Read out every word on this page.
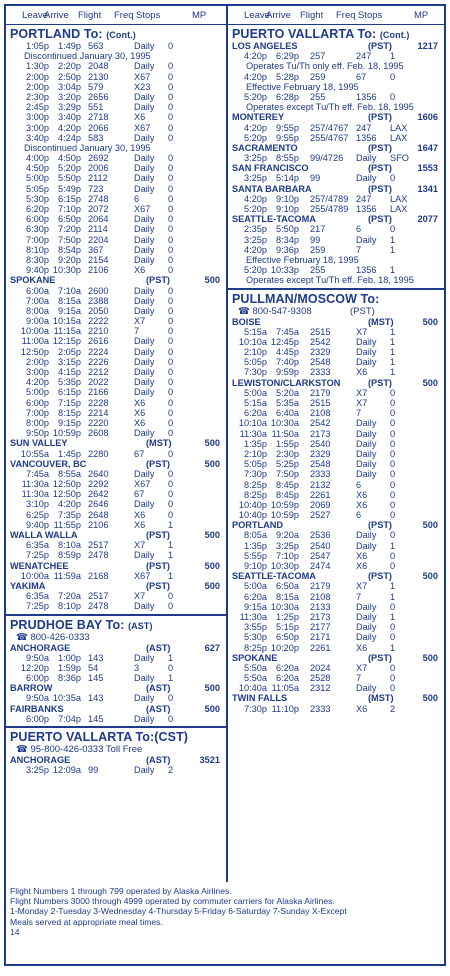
Leave
Arrive Flight Freq Stops	MP
PORTLAND To: (Cont.)
1:05p 1:49p 563	Daily 0
Discontinued January 30, 1995
1:30p 2:20p 2048	Daily 0
2:00p 2:50p 2130	X67 0
2:00p 3:04p 579	X23 0
2:30p 3:20p 2656	Daily 0
2:45p 3:29p 551	Daily 0
3:00p 3:40p 2718	X6 0
3:00p 4:20p 2066	X67 0
3:40p 4:24p 583	Daily 0
Discontinued January 30, 1995
4:00p 4:50p 2692	Daily 0
4:50p 5:20p 2006	Daily 0
5:00p 5:50p 2112	Daily 0
5:05p 5:49p 723	Daily 0
5:30p 6:15p 2748	6	0
6:20p 7:10p 2072	X67 0
6:00p 6:50p 2064	Daily 0
6:30p 7:20p 2114	Daily 0
7:00p 7:50p 2204	Daily 0
8:10p 8:54p 367	Daily 0
8:30p 9:20p 2154	Daily 0
9:40p 10:30p 2106	X6 0
SPOKANE	(PST)	500
6:00a 7:10a 2600	Daily 0
7:00a 8:15a 2388	Daily 0
8:00a 9:15a 2050	Daily 0
9:00a 10:15a 2222	X7 0
10:00a 11:15a 2210	7	0
11:00a 12:15p 2616	Daily 0
12:50p 2:05p 2224	Daily 0
2:00p 3:15p 2226	Daily 0
3:00p 4:15p 2212	Daily 0
4:20p 5:35p 2022	Daily 0
5:00p 6:15p 2166	Daily 0
6:00p 7:15p 2228	X6 0
7:00p 8:15p 2214	X6 0
8:00p 9:15p 2220	X6 0
9:50p 10:59p 2608	Daily 0
SUN VALLEY	(MST)	500
10:55a 1:45p 2280	67	0
VANCOUVER, BC	(PST)	500
7:45a 8:55a 2640	Daily 0
11:30a 12:50p 2292	X67 0
11:30a 12:50p 2642	67	0
3:10p 4:20p 2646	Daily 0
6:25p 7:35p 2648	X6 0
9:40p 11:55p 2106	X6 1
WALLA WALLA	(PST)	500
6:35a 8:10a 2517	X7 1
7:25p 8:59p 2478	Daily 1
WENATCHEE	(PST)	500
10:00a 11:59a 2168	X67 1
YAKIMA	(PST)	500
6:35a 7:20a 2517	X7 0
7:25p 8:10p 2478	Daily 0
PRUDHOE BAY To: (AST)
☎ 800-426-0333
ANCHORAGE	(AST)	627
9:50a 1:00p 143	Daily 1
12:20p 1:59p 54	3	0
6:00p 8:36p 145	Daily 1
BARROW	(AST)	500
9:50a 10:35a 143	Daily 0
FAIRBANKS	(AST)	500
6:00p 7:04p 145	Daily 0
PUERTO VALLARTA To:(CST)
☎ 95-800-426-0333 Toll Free
ANCHORAGE	(AST)	3521
3:25p 12:09a 99	Daily 2
Leave
Arrive Flight Freq Stops	MP
PUERTO VALLARTA To: (Cont.)
LOS ANGELES	(PST)	1217
4:20p 6:29p 257	247 1
Operates Tu/Th only eff. Feb. 18, 1995
4:20p 5:28p 259	67	0
Effective February 18, 1995
5:20p 6:28p 255	1356 0
Operates except Tu/Th eff. Feb. 18, 1995
MONTEREY	(PST)	1606
4:20p 9:55p 257/4767 247 LAX
5:20p 9:55p 255/4767 1356 LAX
SACRAMENTO	(PST)	1647
3:25p 8:55p 99/4726 Daily SFO
SAN FRANCISCO	(PST)	1553
3:25p 5:14p 99	Daily 0
SANTA BARBARA	(PST)	1341
4:20p 9:10p 257/4789 247 LAX
5:20p 9:10p 255/4789 1356 LAX
SEATTLE-TACOMA	(PST)	2077
2:35p 5:50p 217	6	0
3:25p 8:34p 99	Daily 1
4:20p 9:36p 259	7	1
Effective February 18, 1995
5:20p 10:33p 255	1356 1
Operates except Tu/Th eff. Feb. 18, 1995
PULLMAN/MOSCOW To:
☎ 800-547-9308	(PST)
BOISE	(MST)	500
5:15a 7:45a 2515	X7 1
10:10a 12:45p 2542	Daily 1
2:10p 4:45p 2329	Daily 1
5:05p 7:40p 2548	Daily 1
7:30p 9:59p 2333	X6 1
LEWISTON/CLARKSTON	(PST)	500
5:00a 5:20a 2179	X7 0
5:15a 5:35a 2515	X7 0
6:20a 6:40a 2108	7	0
10:10a 10:30a 2542	Daily 0
11:30a 11:50a 2173	Daily 0
1:35p 1:55p 2540	Daily 0
2:10p 2:30p 2329	Daily 0
5:05p 5:25p 2548	Daily 0
7:30p 7:50p 2333	Daily 0
8:25p 8:45p 2132	6	0
8:25p 8:45p 2261	X6 0
10:40p 10:59p 2069	X6 0
10:40p 10:59p 2527	6	0
PORTLAND	(PST)	500
8:05a 9:20a 2536	Daily 0
1:35p 3:25p 2540	Daily 1
5:55p 7:10p 2547	X6 0
9:10p 10:30p 2474	X6 0
SEATTLE-TACOMA	(PST)	500
5:00a 6:50a 2179	X7 1
6:20a 8:15a 2108	7	1
9:15a 10:30a 2133	Daily 0
11:30a 1:25p 2173	Daily 1
3:55p 5:15p 2177	Daily 0
5:30p 6:50p 2171	Daily 0
8:25p 10:20p 2261	X6 1
SPOKANE	(PST)	500
5:50a 6:20a 2024	X7 0
5:50a 6:20a 2528	7	0
10:40a 11:05a 2312	Daily 0
TWIN FALLS	(MST)	500
7:30p 11:10p 2333	X6 2
Flight Numbers 1 through 799 operated by Alaska Airlines.
Flight Numbers 3000 through 4999 operated by commuter carriers for Alaska Airlines.
1-Monday 2-Tuesday 3-Wednesday 4-Thursday 5-Friday 6-Saturday 7-Sunday X-Except
Meals served at appropriate meal times.
14
